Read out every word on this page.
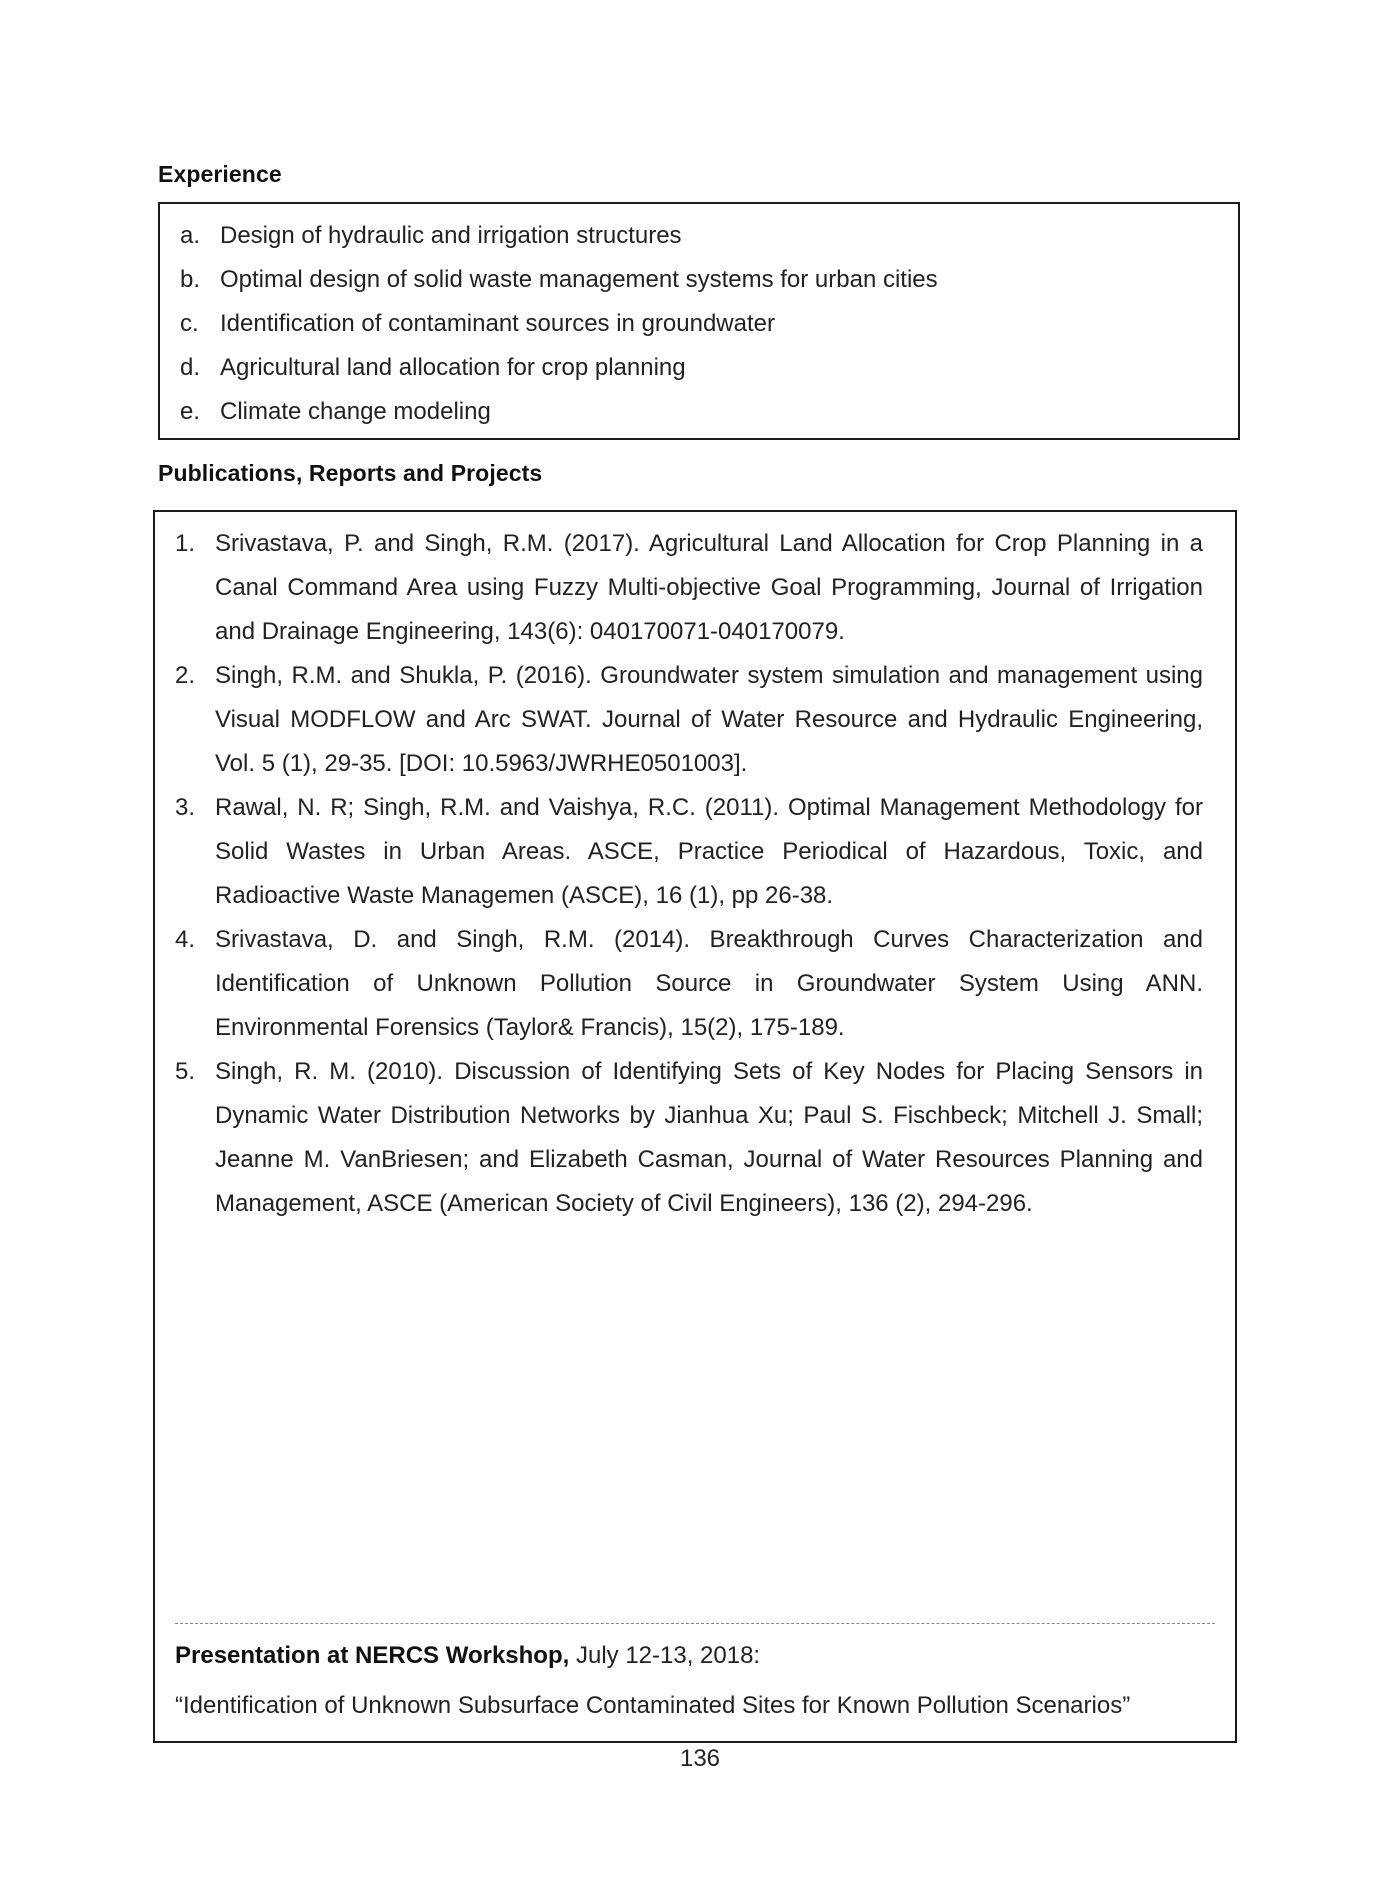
Experience
a. Design of hydraulic and irrigation structures
b. Optimal design of solid waste management systems for urban cities
c. Identification of contaminant sources in groundwater
d. Agricultural land allocation for crop planning
e. Climate change modeling
Publications, Reports and Projects
1. Srivastava, P. and Singh, R.M. (2017). Agricultural Land Allocation for Crop Planning in a Canal Command Area using Fuzzy Multi-objective Goal Programming, Journal of Irrigation and Drainage Engineering, 143(6): 040170071-040170079.
2. Singh, R.M. and Shukla, P. (2016). Groundwater system simulation and management using Visual MODFLOW and Arc SWAT. Journal of Water Resource and Hydraulic Engineering, Vol. 5 (1), 29-35. [DOI: 10.5963/JWRHE0501003].
3. Rawal, N. R; Singh, R.M. and Vaishya, R.C. (2011). Optimal Management Methodology for Solid Wastes in Urban Areas. ASCE, Practice Periodical of Hazardous, Toxic, and Radioactive Waste Managemen (ASCE), 16 (1), pp 26-38.
4. Srivastava, D. and Singh, R.M. (2014). Breakthrough Curves Characterization and Identification of Unknown Pollution Source in Groundwater System Using ANN. Environmental Forensics (Taylor& Francis), 15(2), 175-189.
5. Singh, R. M. (2010). Discussion of Identifying Sets of Key Nodes for Placing Sensors in Dynamic Water Distribution Networks by Jianhua Xu; Paul S. Fischbeck; Mitchell J. Small; Jeanne M. VanBriesen; and Elizabeth Casman, Journal of Water Resources Planning and Management, ASCE (American Society of Civil Engineers), 136 (2), 294-296.
Presentation at NERCS Workshop, July 12-13, 2018:
“Identification of Unknown Subsurface Contaminated Sites for Known Pollution Scenarios”
136
